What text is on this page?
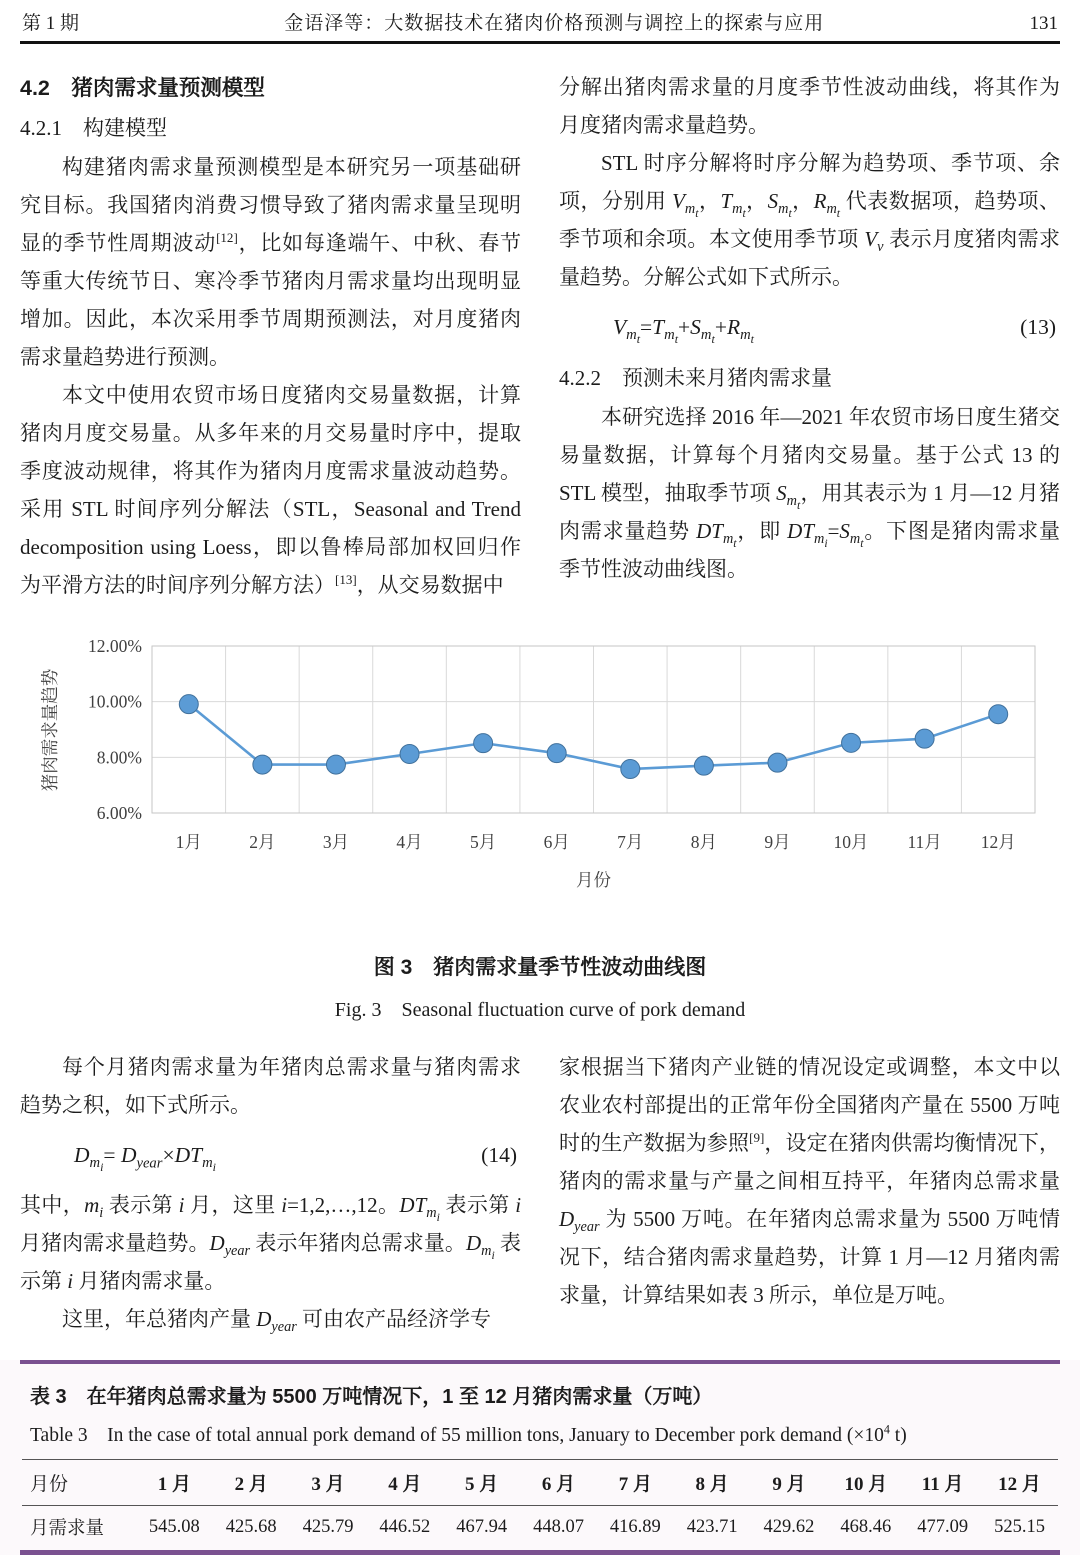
第 1 期	金语泽等：大数据技术在猪肉价格预测与调控上的探索与应用	131
4.2　猪肉需求量预测模型
4.2.1　构建模型

构建猪肉需求量预测模型是本研究另一项基础研究目标。我国猪肉消费习惯导致了猪肉需求量呈现明显的季节性周期波动[12]，比如每逢端午、中秋、春节等重大传统节日、寒冷季节猪肉月需求量均出现明显增加。因此，本次采用季节周期预测法，对月度猪肉需求量趋势进行预测。

本文中使用农贸市场日度猪肉交易量数据，计算猪肉月度交易量。从多年来的月交易量时序中，提取季度波动规律，将其作为猪肉月度需求量波动趋势。采用 STL 时间序列分解法（STL，Seasonal and Trend decomposition using Loess，即以鲁棒局部加权回归作为平滑方法的时间序列分解方法）[13]，从交易数据中

分解出猪肉需求量的月度季节性波动曲线，将其作为月度猪肉需求量趋势。

STL 时序分解将时序分解为趋势项、季节项、余项，分别用 $V_{m_t}$，$T_{m_t}$，$S_{m_t}$，$R_{m_t}$ 代表数据项，趋势项、季节项和余项。本文使用季节项 $V_v$ 表示月度猪肉需求量趋势。分解公式如下式所示。

$V_{m_t}=T_{m_t}+S_{m_t}+R_{m_t}$
(13)
4.2.2　预测未来月猪肉需求量

本研究选择 2016 年—2021 年农贸市场日度生猪交易量数据，计算每个月猪肉交易量。基于公式 13 的 STL 模型，抽取季节项 $S_{m_t}$，用其表示为 1 月—12 月猪肉需求量趋势 $DT_{m_t}$，即 $DT_{m_i}=S_{m_t}$。下图是猪肉需求量季节性波动曲线图。

6.00%
8.00%
10.00%
12.00%
猪肉需求量趋势
1月	2月	3月	4月	5月	6月	7月	8月	9月 10月 11月 12月
月份
图 3　猪肉需求量季节性波动曲线图
Fig. 3　Seasonal fluctuation curve of pork demand

每个月猪肉需求量为年猪肉总需求量与猪肉需求趋势之积，如下式所示。

$D_{m_i}= D_{year}\times DT_{m_i}$
(14)

其中，$m_i$ 表示第 i 月，这里 i=1,2,…,12。$DT_{m_i}$ 表示第 i 月猪肉需求量趋势。$D_{year}$ 表示年猪肉总需求量。$D_{m_i}$ 表示第 i 月猪肉需求量。

这里，年总猪肉产量 $D_{year}$ 可由农产品经济学专

家根据当下猪肉产业链的情况设定或调整，本文中以农业农村部提出的正常年份全国猪肉产量在 5500 万吨时的生产数据为参照[9]，设定在猪肉供需均衡情况下，猪肉的需求量与产量之间相互持平，年猪肉总需求量 $D_{year}$ 为 5500 万吨。在年猪肉总需求量为 5500 万吨情况下，结合猪肉需求量趋势，计算 1 月—12 月猪肉需求量，计算结果如表 3 所示，单位是万吨。

表 3　在年猪肉总需求量为 5500 万吨情况下，1 至 12 月猪肉需求量（万吨）
Table 3　In the case of total annual pork demand of 55 million tons, January to December pork demand ($\times 10^4$ t)
月份	1 月	2 月	3 月	4 月	5 月	6 月	7 月	8 月	9 月	10 月	11 月	12 月
月需求量	545.08	425.68	425.79	446.52	467.94	448.07	416.89	423.71	429.62	468.46	477.09	525.15
